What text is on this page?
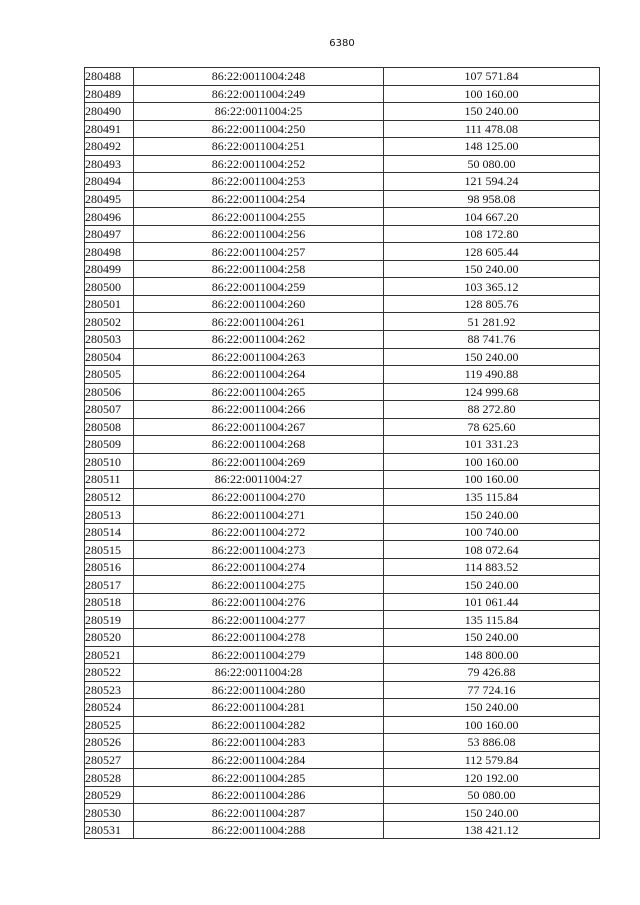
6380
280488	86:22:0011004:248	107 571.84
280489	86:22:0011004:249	100 160.00
280490	86:22:0011004:25	150 240.00
280491	86:22:0011004:250	111 478.08
280492	86:22:0011004:251	148 125.00
280493	86:22:0011004:252	50 080.00
280494	86:22:0011004:253	121 594.24
280495	86:22:0011004:254	98 958.08
280496	86:22:0011004:255	104 667.20
280497	86:22:0011004:256	108 172.80
280498	86:22:0011004:257	128 605.44
280499	86:22:0011004:258	150 240.00
280500	86:22:0011004:259	103 365.12
280501	86:22:0011004:260	128 805.76
280502	86:22:0011004:261	51 281.92
280503	86:22:0011004:262	88 741.76
280504	86:22:0011004:263	150 240.00
280505	86:22:0011004:264	119 490.88
280506	86:22:0011004:265	124 999.68
280507	86:22:0011004:266	88 272.80
280508	86:22:0011004:267	78 625.60
280509	86:22:0011004:268	101 331.23
280510	86:22:0011004:269	100 160.00
280511	86:22:0011004:27	100 160.00
280512	86:22:0011004:270	135 115.84
280513	86:22:0011004:271	150 240.00
280514	86:22:0011004:272	100 740.00
280515	86:22:0011004:273	108 072.64
280516	86:22:0011004:274	114 883.52
280517	86:22:0011004:275	150 240.00
280518	86:22:0011004:276	101 061.44
280519	86:22:0011004:277	135 115.84
280520	86:22:0011004:278	150 240.00
280521	86:22:0011004:279	148 800.00
280522	86:22:0011004:28	79 426.88
280523	86:22:0011004:280	77 724.16
280524	86:22:0011004:281	150 240.00
280525	86:22:0011004:282	100 160.00
280526	86:22:0011004:283	53 886.08
280527	86:22:0011004:284	112 579.84
280528	86:22:0011004:285	120 192.00
280529	86:22:0011004:286	50 080.00
280530	86:22:0011004:287	150 240.00
280531	86:22:0011004:288	138 421.12
